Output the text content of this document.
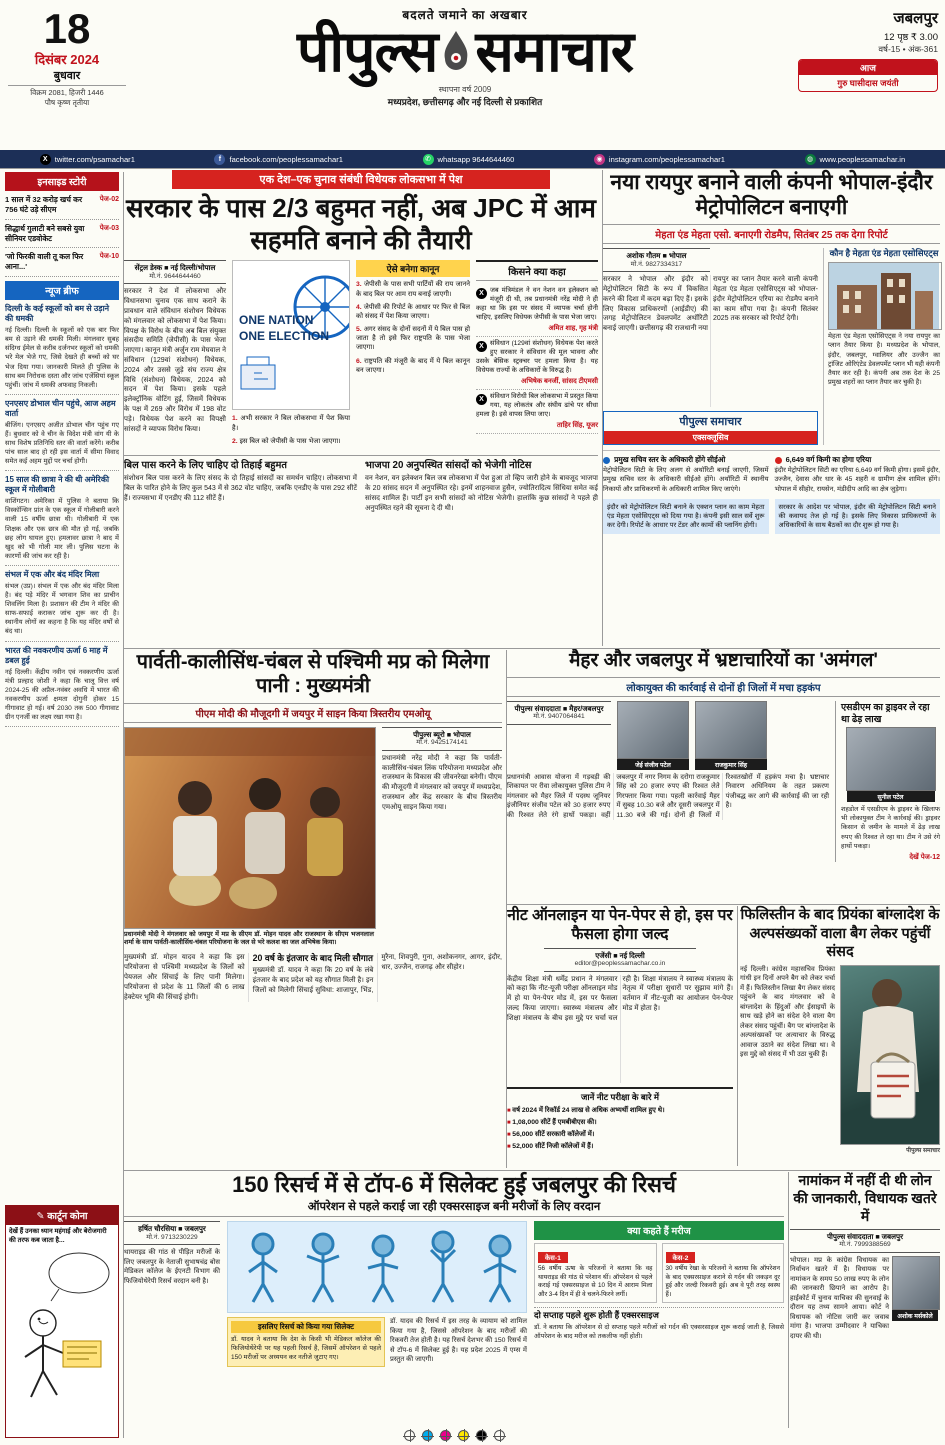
18
दिसंबर 2024
बुधवार
विक्रम 2081, हिजरी 1446
पौष कृष्ण तृतीया
बदलते जमाने का अखबार
पीपुल्स समाचार
स्थापना वर्ष 2009
मध्यप्रदेश, छत्तीसगढ़ और नई दिल्ली से प्रकाशित
जबलपुर
12 पृष्ठ ₹ 3.00
वर्ष-15 • अंक-361
आज
गुरु घासीदास जयंती
X twitter.com/psamachar1	f	facebook.com/peoplessamachar1	✆ whatsapp 9644644460	◉ instagram.com/peoplessamachar1	◍ www.peoplessamachar.in
इनसाइड स्टोरी
1 साल में 32 करोड़ खर्च कर 756 घंटे उड़े सीएम
पेज-02
सिद्धार्थ गुलाटी बने सबसे युवा सीनियर एडवोकेट
पेज-03
'जो फिरकी वाली तू कल फिर आना...'
पेज-10
न्यूज ब्रीफ
दिल्ली के कई स्कूलों को बम से उड़ाने की धमकी
नई दिल्ली। दिल्ली के स्कूलों को एक बार फिर बम से उड़ाने की धमकी मिली। मंगलवार सुबह संदिग्ध ईमेल से करीब दर्जनभर स्कूलों को धमकी भरे मेल भेजे गए, जिसे देखते ही बच्चों को घर भेज दिया गया। जानकारी मिलते ही पुलिस के साथ बम निरोधक दस्ता और जांच एजेंसियां स्कूल पहुंचीं। जांच में धमकी अफवाह निकली।
एनएसए डोभाल चीन पहुंचे, आज अहम वार्ता
बीजिंग। एनएसए अजीत डोभाल चीन पहुंच गए हैं। बुधवार को वे चीन के विदेश मंत्री वांग यी के साथ विशेष प्रतिनिधि स्तर की वार्ता करेंगे। करीब पांच साल बाद हो रही इस वार्ता में सीमा विवाद समेत कई अहम मुद्दों पर चर्चा होगी।
15 साल की छात्रा ने की थी अमेरिकी स्कूल में गोलीबारी
वाशिंगटन। अमेरिका में पुलिस ने बताया कि विस्कॉन्सिन प्रांत के एक स्कूल में गोलीबारी करने वाली 15 वर्षीय छात्रा थी। गोलीबारी में एक शिक्षक और एक छात्र की मौत हो गई, जबकि छह लोग घायल हुए। हमलावर छात्रा ने बाद में खुद को भी गोली मार ली। पुलिस घटना के कारणों की जांच कर रही है।
संभल में एक और बंद मंदिर मिला
संभल (उप्र)। संभल में एक और बंद मंदिर मिला है। बंद पड़े मंदिर में भगवान शिव का प्राचीन शिवलिंग मिला है। प्रशासन की टीम ने मंदिर की साफ-सफाई कराकर जांच शुरू कर दी है। स्थानीय लोगों का कहना है कि यह मंदिर वर्षों से बंद था।
भारत की नवकरणीय ऊर्जा 6 माह में डबल हुई
नई दिल्ली। केंद्रीय नवीन एवं नवकरणीय ऊर्जा मंत्री प्रल्हाद जोशी ने कहा कि चालू वित्त वर्ष 2024-25 की अप्रैल-नवंबर अवधि में भारत की नवकरणीय ऊर्जा क्षमता दोगुनी होकर 15 गीगावाट हो गई। वर्ष 2030 तक 500 गीगावाट ग्रीन एनर्जी का लक्ष्य रखा गया है।
✎ कार्टून कोना
देखें हैं उनका ध्यान महंगाई और बेरोजगारी की तरफ कब जाता है...
एक देश–एक चुनाव संबंधी विधेयक लोकसभा में पेश
सरकार के पास 2/3 बहुमत नहीं, अब JPC में आम सहमति बनाने की तैयारी
सेंट्रल डेस्क ■ नई दिल्ली/भोपाल
मो.नं. 9644644460
सरकार ने देश में लोकसभा और विधानसभा चुनाव एक साथ कराने के प्रावधान वाले संविधान संशोधन विधेयक को मंगलवार को लोकसभा में पेश किया। विपक्ष के विरोध के बीच अब बिल संयुक्त संसदीय समिति (जेपीसी) के पास भेजा जाएगा। कानून मंत्री अर्जुन राम मेघवाल ने संविधान (129वां संशोधन) विधेयक, 2024 और उससे जुड़े संघ राज्य क्षेत्र विधि (संशोधन) विधेयक, 2024 को सदन में पेश किया। इसके पहले इलेक्ट्रॉनिक वोटिंग हुई, जिसमें विधेयक के पक्ष में 269 और विरोध में 198 वोट पड़े। विधेयक पेश करने का विपक्षी सांसदों ने व्यापक विरोध किया।
ONE NATION
ONE ELECTION
अभी सरकार ने बिल लोकसभा में पेश किया है।
इस बिल को जेपीसी के पास भेजा जाएगा।
ऐसे बनेगा कानून
जेपीसी के पास सभी पार्टियों की राय जानने के बाद बिल पर आम राय बनाई जाएगी।
जेपीसी की रिपोर्ट के आधार पर फिर से बिल को संसद में पेश किया जाएगा।
अगर संसद के दोनों सदनों में ये बिल पास हो जाता है तो इसे फिर राष्ट्रपति के पास भेजा जाएगा।
राष्ट्रपति की मंजूरी के बाद में ये बिल कानून बन जाएगा।
किसने क्या कहा
X जब मंत्रिमंडल ने वन नेशन वन इलेक्शन को मंजूरी दी थी, तब प्रधानमंत्री नरेंद्र मोदी ने ही कहा था कि इस पर संसद में व्यापक चर्चा होनी चाहिए, इसलिए विधेयक जेपीसी के पास भेजा जाए।
अमित शाह, गृह मंत्री
X संविधान (129वां संशोधन) विधेयक पेश करते हुए सरकार ने संविधान की मूल भावना और उसके बेसिक स्ट्रक्चर पर हमला किया है। यह विधेयक राज्यों के अधिकारों के विरुद्ध है।
अभिषेक बनर्जी, सांसद टीएमसी
X संविधान विरोधी बिल लोकसभा में प्रस्तुत किया गया, यह लोकतंत्र और संघीय ढांचे पर सीधा हमला है। इसे वापस लिया जाए।
ताहिर सिंह, यूजर
बिल पास करने के लिए चाहिए दो तिहाई बहुमत
संशोधन बिल पास करने के लिए संसद के दो तिहाई सांसदों का समर्थन चाहिए। लोकसभा में बिल के पारित होने के लिए कुल 543 में से 362 वोट चाहिए, जबकि एनडीए के पास 292 सीटें हैं। राज्यसभा में एनडीए की 112 सीटें हैं।
भाजपा 20 अनुपस्थित सांसदों को भेजेगी नोटिस
वन नेशन, वन इलेक्शन बिल जब लोकसभा में पेश हुआ तो व्हिप जारी होने के बावजूद भाजपा के 20 सांसद सदन में अनुपस्थित रहे। इनमें शाहनवाज हुसैन, ज्योतिरादित्य सिंधिया समेत कई सांसद शामिल हैं। पार्टी इन सभी सांसदों को नोटिस भेजेगी। हालांकि कुछ सांसदों ने पहले ही अनुपस्थित रहने की सूचना दे दी थी।
नया रायपुर बनाने वाली कंपनी भोपाल-इंदौर मेट्रोपोलिटन बनाएगी
मेहता एंड मेहता एसो. बनाएगी रोडमैप, सितंबर 25 तक देगा रिपोर्ट
अशोक गौतम ■ भोपाल
मो.नं. 9827334317
सरकार ने भोपाल और इंदौर को मेट्रोपोलिटन सिटी के रूप में विकसित करने की दिशा में कदम बढ़ा दिए हैं। इसके लिए विकास प्राधिकरणों (आईडीए) की जगह मेट्रोपोलिटन डेवलपमेंट अथॉरिटी बनाई जाएगी। छत्तीसगढ़ की राजधानी नया रायपुर का प्लान तैयार करने वाली कंपनी मेहता एंड मेहता एसोसिएट्स को भोपाल-इंदौर मेट्रोपोलिटन एरिया का रोडमैप बनाने का काम सौंपा गया है। कंपनी सितंबर 2025 तक सरकार को रिपोर्ट देगी।
पीपुल्स समाचार
एक्सक्लूसिव
कौन है मेहता एंड मेहता एसोसिएट्स
मेहता एंड मेहता एसोसिएट्स ने नया रायपुर का प्लान तैयार किया है। मध्यप्रदेश के भोपाल, इंदौर, जबलपुर, ग्वालियर और उज्जैन का ट्रांजिट ओरिएंटेड डेवलपमेंट प्लान भी यही कंपनी तैयार कर रही है। कंपनी अब तक देश के 25 प्रमुख शहरों का प्लान तैयार कर चुकी है।
प्रमुख सचिव स्तर के अधिकारी होंगे सीईओ
मेट्रोपोलिटन सिटी के लिए अलग से अथॉरिटी बनाई जाएगी, जिसमें प्रमुख सचिव स्तर के अधिकारी सीईओ होंगे। अथॉरिटी में स्थानीय निकायों और प्राधिकरणों के अधिकारी शामिल किए जाएंगे।
6,649 वर्ग किमी का होगा एरिया
इंदौर मेट्रोपोलिटन सिटी का एरिया 6,649 वर्ग किमी होगा। इसमें इंदौर, उज्जैन, देवास और धार के 45 शहरी व ग्रामीण क्षेत्र शामिल होंगे। भोपाल में सीहोर, रायसेन, मंडीदीप आदि का क्षेत्र जुड़ेगा।
इंदौर को मेट्रोपोलिटन सिटी बनाने के एक्शन प्लान का काम मेहता एंड मेहता एसोसिएट्स को दिया गया है। कंपनी इसी साल सर्वे शुरू कर देगी। रिपोर्ट के आधार पर टेंडर और कामों की प्लानिंग होगी।
सरकार के आदेश पर भोपाल, इंदौर की मेट्रोपोलिटन सिटी बनाने की कवायद तेज हो गई है। इसके लिए विकास प्राधिकरणों के अधिकारियों के साथ बैठकों का दौर शुरू हो गया है।
पार्वती-कालीसिंध-चंबल से पश्चिमी मप्र को मिलेगा पानी : मुख्यमंत्री
पीएम मोदी की मौजूदगी में जयपुर में साइन किया त्रिस्तरीय एमओयू
प्रधानमंत्री मोदी ने मंगलवार को जयपुर में मप्र के सीएम डॉ. मोहन यादव और राजस्थान के सीएम भजनलाल शर्मा के साथ पार्वती-कालीसिंध-चंबल परियोजना के जल से भरे कलश का जल अभिषेक किया।
पीपुल्स ब्यूरो ■ भोपाल
मो.नं. 9425174141
प्रधानमंत्री नरेंद्र मोदी ने कहा कि पार्वती-कालीसिंध-चंबल लिंक परियोजना मध्यप्रदेश और राजस्थान के विकास की जीवनरेखा बनेगी। पीएम की मौजूदगी में मंगलवार को जयपुर में मध्यप्रदेश, राजस्थान और केंद्र सरकार के बीच त्रिस्तरीय एमओयू साइन किया गया।
मुख्यमंत्री डॉ. मोहन यादव ने कहा कि इस परियोजना से पश्चिमी मध्यप्रदेश के जिलों को पेयजल और सिंचाई के लिए पानी मिलेगा। परियोजना से प्रदेश के 11 जिलों की 6 लाख हेक्टेयर भूमि की सिंचाई होगी।
20 वर्ष के इंतजार के बाद मिली सौगात
मुख्यमंत्री डॉ. यादव ने कहा कि 20 वर्ष के लंबे इंतजार के बाद प्रदेश को यह सौगात मिली है। इन जिलों को मिलेगी सिंचाई सुविधा: शाजापुर, भिंड, मुरैना, शिवपुरी, गुना, अशोकनगर, आगर, इंदौर, धार, उज्जैन, राजगढ़ और सीहोर।
मैहर और जबलपुर में भ्रष्टाचारियों का 'अमंगल'
लोकायुक्त की कार्रवाई से दोनों ही जिलों में मचा हड़कंप
पीपुल्स संवाददाता ■ मैहर/जबलपुर
मो.नं. 9407064841
जेई संजीव पटेल	राजकुमार सिंह
प्रधानमंत्री आवास योजना में गड़बड़ी की शिकायत पर रीवा लोकायुक्त पुलिस टीम ने मंगलवार को मैहर जिले में पदस्थ जूनियर इंजीनियर संजीव पटेल को 30 हजार रुपए की रिश्वत लेते रंगे हाथों पकड़ा। वहीं जबलपुर में नगर निगम के दरोगा राजकुमार सिंह को 20 हजार रुपए की रिश्वत लेते गिरफ्तार किया गया। पहली कार्रवाई मैहर में सुबह 10.30 बजे और दूसरी जबलपुर में 11.30 बजे की गई। दोनों ही जिलों में रिश्वतखोरों में हड़कंप मचा है। भ्रष्टाचार निवारण अधिनियम के तहत प्रकरण पंजीबद्ध कर आगे की कार्रवाई की जा रही है।
एसडीएम का ड्राइवर ले रहा था ढेड़ लाख
सुनील पटेल
शहडोल में एसडीएम के ड्राइवर के खिलाफ भी लोकायुक्त टीम ने कार्रवाई की। ड्राइवर किसान से जमीन के मामले में ढेड़ लाख रुपए की रिश्वत ले रहा था। टीम ने उसे रंगे हाथों पकड़ा।
देखें पेज-12
नीट ऑनलाइन या पेन-पेपर से हो, इस पर फैसला होगा जल्द
एजेंसी ■ नई दिल्ली
editor@peoplessamachar.co.in
केंद्रीय शिक्षा मंत्री धर्मेंद्र प्रधान ने मंगलवार को कहा कि नीट-यूजी परीक्षा ऑनलाइन मोड में हो या पेन-पेपर मोड में, इस पर फैसला जल्द किया जाएगा। स्वास्थ्य मंत्रालय और शिक्षा मंत्रालय के बीच इस मुद्दे पर चर्चा चल रही है। शिक्षा मंत्रालय ने स्वास्थ्य मंत्रालय के नेतृत्व में परीक्षा सुधारों पर सुझाव मांगे हैं। वर्तमान में नीट-यूजी का आयोजन पेन-पेपर मोड में होता है।
जानें नीट परीक्षा के बारे में
■ वर्ष 2024 में रिकॉर्ड 24 लाख से अधिक अभ्यर्थी शामिल हुए थे।
■ 1,08,000 सीटें हैं एमबीबीएस की।
■ 56,000 सीटें सरकारी कॉलेजों में।
■ 52,000 सीटें निजी कॉलेजों में हैं।
फिलिस्तीन के बाद प्रियंका बांग्लादेश के अल्पसंख्यकों वाला बैग लेकर पहुंचीं संसद
नई दिल्ली। कांग्रेस महासचिव प्रियंका गांधी इन दिनों अपने बैग को लेकर चर्चा में हैं। फिलिस्तीन लिखा बैग लेकर संसद पहुंचने के बाद मंगलवार को वे बांग्लादेश के हिंदुओं और ईसाइयों के साथ खड़े होने का संदेश देने वाला बैग लेकर संसद पहुंचीं। बैग पर बांग्लादेश के अल्पसंख्यकों पर अत्याचार के विरुद्ध आवाज उठाने का संदेश लिखा था। वे इस मुद्दे को संसद में भी उठा चुकी हैं।
पीपुल्स समाचार
150 रिसर्च में से टॉप-6 में सिलेक्ट हुई जबलपुर की रिसर्च
ऑपरेशन से पहले कराई जा रही एक्सरसाइज बनी मरीजों के लिए वरदान
हर्षित चौरसिया ■ जबलपुर
मो.नं. 9713230229
थायराइड की गांठ से पीड़ित मरीजों के लिए जबलपुर के नेताजी सुभाषचंद्र बोस मेडिकल कॉलेज के ईएनटी विभाग की फिजियोथेरेपी रिसर्च वरदान बनी है।
इसलिए रिसर्च को किया गया सिलेक्ट
डॉ. यादव ने बताया कि देश के किसी भी मेडिकल कॉलेज की फिजियोथेरेपी पर यह पहली रिसर्च है, जिसमें ऑपरेशन से पहले 150 मरीजों पर अध्ययन कर नतीजे जुटाए गए।
डॉ. यादव की रिसर्च में इस तरह के व्यायाम को शामिल किया गया है, जिससे ऑपरेशन के बाद मरीजों की रिकवरी तेज होती है। यह रिसर्च देशभर की 150 रिसर्च में से टॉप-6 में सिलेक्ट हुई है। यह प्रदेश 2025 में एम्स में प्रस्तुत की जाएगी।
क्या कहते हैं मरीज
केस-1
56 वर्षीय ऊषा के परिजनों ने बताया कि वह थायराइड की गांठ से परेशान थीं। ऑपरेशन से पहले कराई गई एक्सरसाइज से 10 दिन में आराम मिला और 3-4 दिन में ही वे चलने-फिरने लगीं।
केस-2
30 वर्षीय रेखा के परिजनों ने बताया कि ऑपरेशन के बाद एक्सरसाइज कराने से गर्दन की जकड़न दूर हुई और जल्दी रिकवरी हुई। अब वे पूरी तरह स्वस्थ हैं।
दो सप्ताह पहले शुरू होती हैं एक्सरसाइज
डॉ. ने बताया कि ऑपरेशन से दो सप्ताह पहले मरीजों को गर्दन की एक्सरसाइज शुरू कराई जाती है, जिससे ऑपरेशन के बाद मरीज को तकलीफ नहीं होती।
नामांकन में नहीं दी थी लोन की जानकारी, विधायक खतरे में
पीपुल्स संवाददाता ■ जबलपुर
मो.नं. 7999388569
अशोक मर्सकोले
भोपाल। मप्र के कांग्रेस विधायक का निर्वाचन खतरे में है। विधायक पर नामांकन के समय 50 लाख रुपए के लोन की जानकारी छिपाने का आरोप है। हाईकोर्ट में चुनाव याचिका की सुनवाई के दौरान यह तथ्य सामने आया। कोर्ट ने विधायक को नोटिस जारी कर जवाब मांगा है। भाजपा उम्मीदवार ने याचिका दायर की थी।
